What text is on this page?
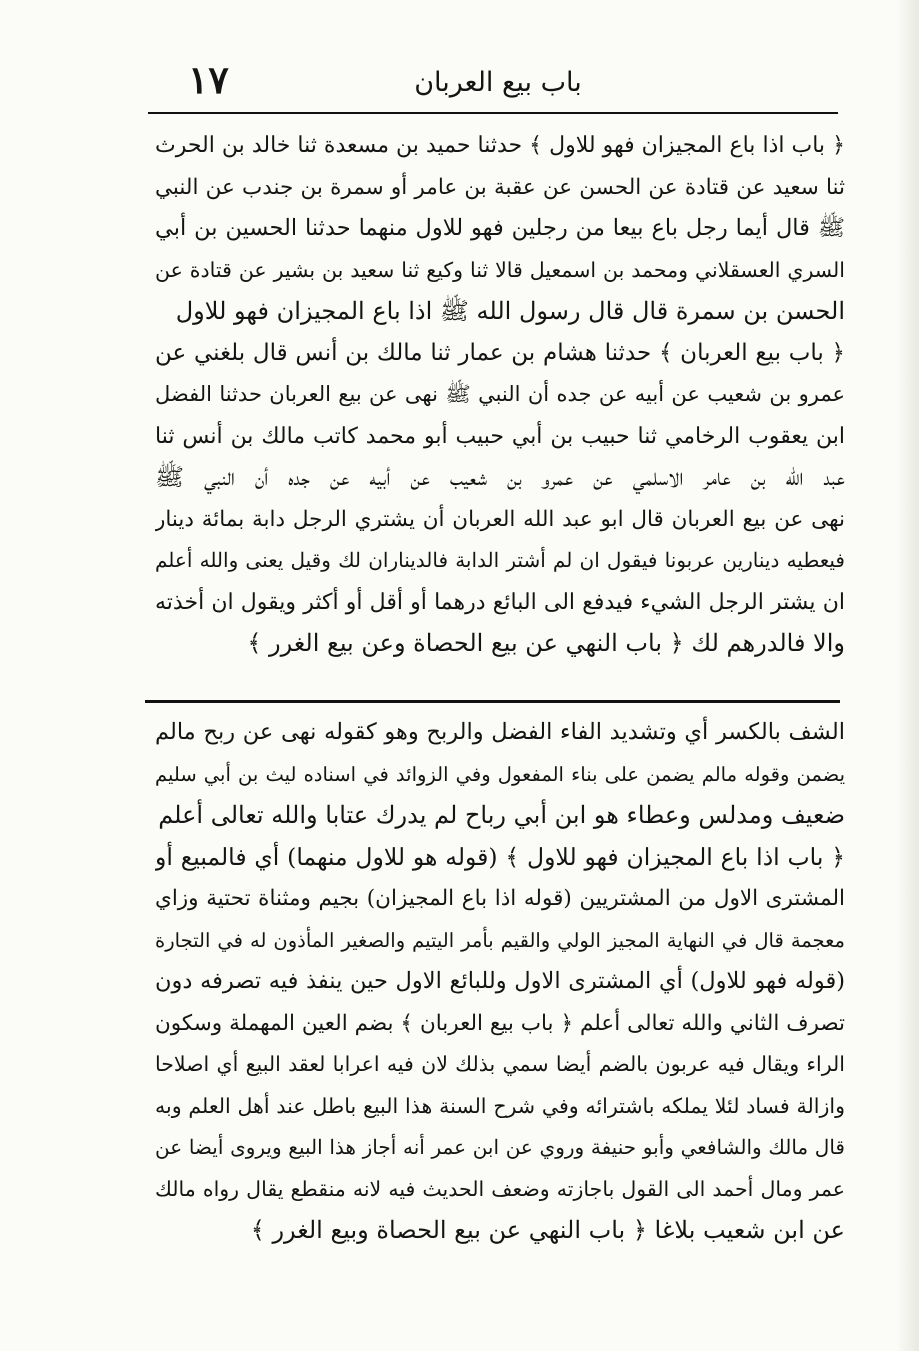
١٧	باب بيع العربان
﴿ باب اذا باع المجيزان فهو للاول ﴾ حدثنا حميد بن مسعدة ثنا خالد بن الحرث
ثنا سعيد عن قتادة عن الحسن عن عقبة بن عامر أو سمرة بن جندب عن النبي
ﷺ قال أيما رجل باع بيعا من رجلين فهو للاول منهما حدثنا الحسين بن أبي
السري العسقلاني ومحمد بن اسمعيل قالا ثنا وكيع ثنا سعيد بن بشير عن قتادة عن
الحسن بن سمرة قال قال رسول الله ﷺ اذا باع المجيزان فهو للاول
﴿ باب بيع العربان ﴾ حدثنا هشام بن عمار ثنا مالك بن أنس قال بلغني عن
عمرو بن شعيب عن أبيه عن جده أن النبي ﷺ نهى عن بيع العربان حدثنا الفضل
ابن يعقوب الرخامي ثنا حبيب بن أبي حبيب أبو محمد كاتب مالك بن أنس ثنا
عبد الله بن عامر الاسلمي عن عمرو بن شعيب عن أبيه عن جده أن النبي ﷺ
نهى عن بيع العربان قال ابو عبد الله العربان أن يشتري الرجل دابة بمائة دينار
فيعطيه دينارين عربونا فيقول ان لم أشتر الدابة فالديناران لك وقيل يعنى والله أعلم
ان يشتر الرجل الشيء فيدفع الى البائع درهما أو أقل أو أكثر ويقول ان أخذته
والا فالدرهم لك ﴿ باب النهي عن بيع الحصاة وعن بيع الغرر ﴾
الشف بالكسر أي وتشديد الفاء الفضل والربح وهو كقوله نهى عن ربح مالم
يضمن وقوله مالم يضمن على بناء المفعول وفي الزوائد في اسناده ليث بن أبي سليم
ضعيف ومدلس وعطاء هو ابن أبي رباح لم يدرك عتابا والله تعالى أعلم
﴿ باب اذا باع المجيزان فهو للاول ﴾ (قوله هو للاول منهما) أي فالمبيع أو
المشترى الاول من المشتريين (قوله اذا باع المجيزان) بجيم ومثناة تحتية وزاي
معجمة قال في النهاية المجيز الولي والقيم بأمر اليتيم والصغير المأذون له في التجارة
(قوله فهو للاول) أي المشترى الاول وللبائع الاول حين ينفذ فيه تصرفه دون
تصرف الثاني والله تعالى أعلم ﴿ باب بيع العربان ﴾ بضم العين المهملة وسكون
الراء ويقال فيه عربون بالضم أيضا سمي بذلك لان فيه اعرابا لعقد البيع أي اصلاحا
وازالة فساد لئلا يملكه باشترائه وفي شرح السنة هذا البيع باطل عند أهل العلم وبه
قال مالك والشافعي وأبو حنيفة وروي عن ابن عمر أنه أجاز هذا البيع ويروى أيضا عن
عمر ومال أحمد الى القول باجازته وضعف الحديث فيه لانه منقطع يقال رواه مالك
عن ابن شعيب بلاغا ﴿ باب النهي عن بيع الحصاة وبيع الغرر ﴾
